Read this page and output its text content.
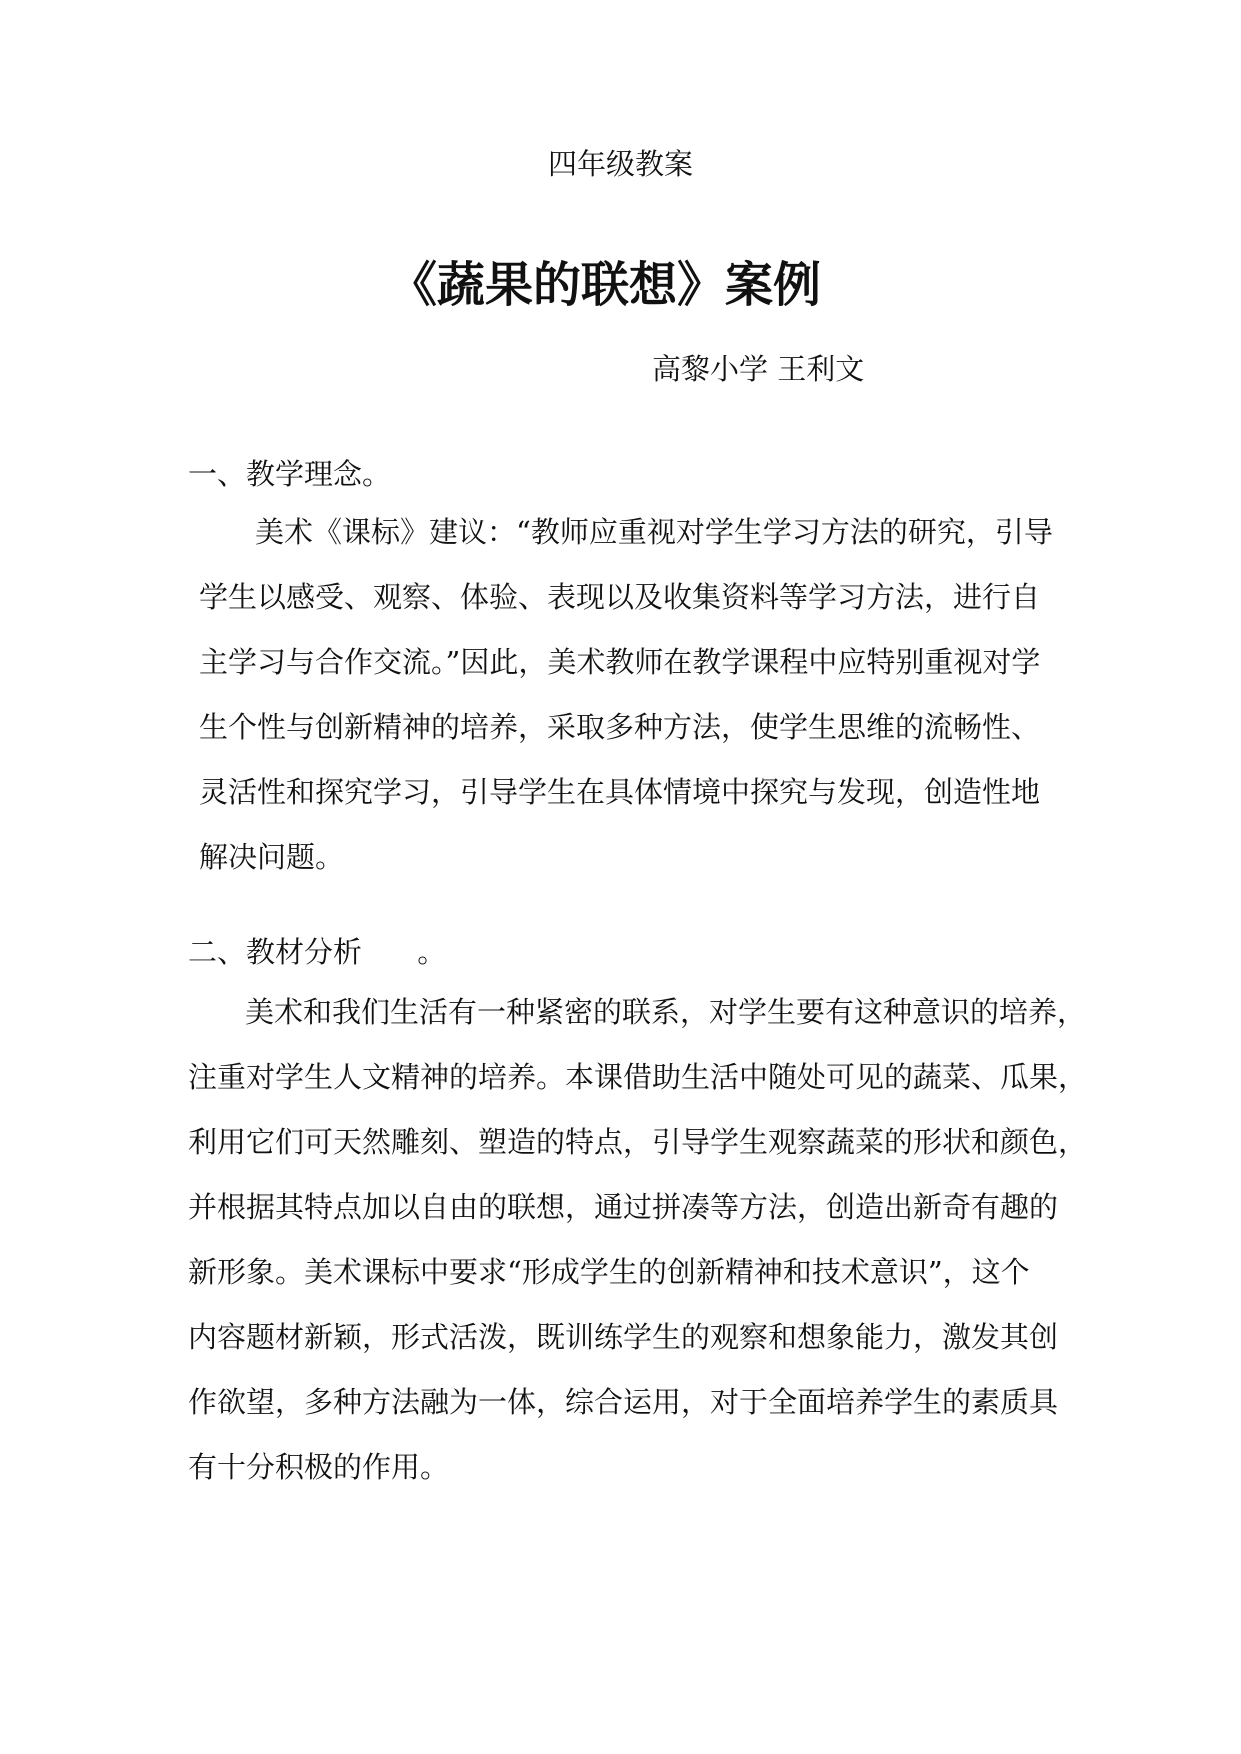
四年级教案
《蔬果的联想》案例
高黎小学 王利文
一、教学理念。
美术《课标》建议：“教师应重视对学生学习方法的研究，引导
学生以感受、观察、体验、表现以及收集资料等学习方法，进行自
主学习与合作交流。”因此，美术教师在教学课程中应特别重视对学
生个性与创新精神的培养，采取多种方法，使学生思维的流畅性、
灵活性和探究学习，引导学生在具体情境中探究与发现，创造性地
解决问题。
二、教材分析      。
美术和我们生活有一种紧密的联系，对学生要有这种意识的培养，
注重对学生人文精神的培养。本课借助生活中随处可见的蔬菜、瓜果，
利用它们可天然雕刻、塑造的特点，引导学生观察蔬菜的形状和颜色，
并根据其特点加以自由的联想，通过拼凑等方法，创造出新奇有趣的
新形象。美术课标中要求“形成学生的创新精神和技术意识”，这个
内容题材新颖，形式活泼，既训练学生的观察和想象能力，激发其创
作欲望，多种方法融为一体，综合运用，对于全面培养学生的素质具
有十分积极的作用。
